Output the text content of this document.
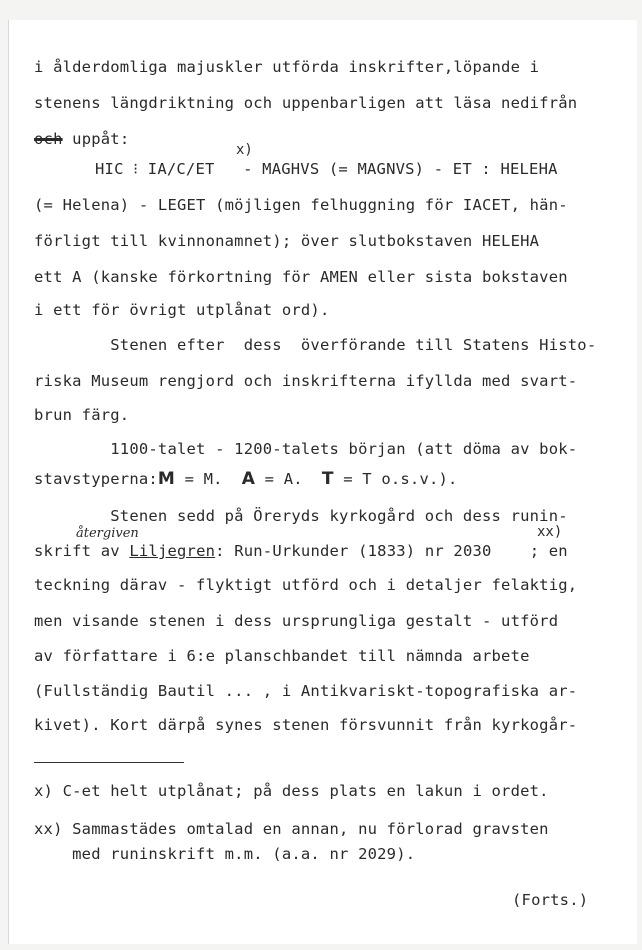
i ålderdomliga majuskler utförda inskrifter,löpande i
stenens längdriktning och uppenbarligen att läsa nedifrån
och uppåt:
x)
HIC ⁝ IA/C/ET   - MAGHVS (= MAGNVS) - ET : HELEHA
(= Helena) - LEGET (möjligen felhuggning för IACET, hän-
förligt till kvinnonamnet); över slutbokstaven HELEHA
ett A (kanske förkortning för AMEN eller sista bokstaven
i ett för övrigt utplånat ord).
Stenen efter  dess  överförande till Statens Histo-
riska Museum rengjord och inskrifterna ifyllda med svart-
brun färg.
1100-talet - 1200-talets början (att döma av bok-
stavstyperna:M = M.  A = A.  T = T o.s.v.).
Stenen sedd på Öreryds kyrkogård och dess runin-
återgiven	xx)
skrift av Liljegren: Run-Urkunder (1833) nr 2030    ; en
teckning därav - flyktigt utförd och i detaljer felaktig,
men visande stenen i dess ursprungliga gestalt - utförd
av författare i 6:e planschbandet till nämnda arbete
(Fullständig Bautil ... , i Antikvariskt-topografiska ar-
kivet). Kort därpå synes stenen försvunnit från kyrkogår-
x) C-et helt utplånat; på dess plats en lakun i ordet.
xx) Sammastädes omtalad en annan, nu förlorad gravsten
med runinskrift m.m. (a.a. nr 2029).
(Forts.)
